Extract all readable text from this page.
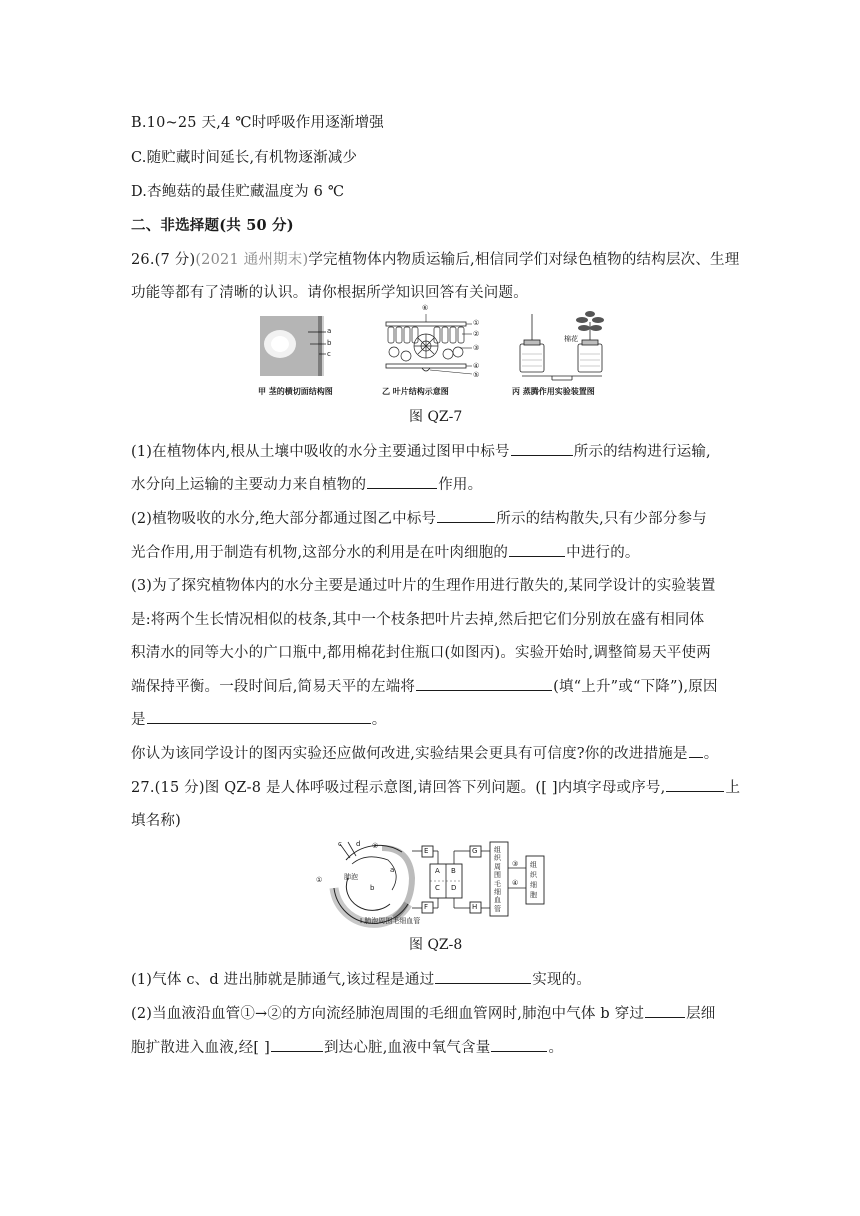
B.10~25 天,4 ℃时呼吸作用逐渐增强
C.随贮藏时间延长,有机物逐渐减少
D.杏鲍菇的最佳贮藏温度为 6 ℃
二、非选择题(共 50 分)
26.(7 分)(2021 通州期末)学完植物体内物质运输后,相信同学们对绿色植物的结构层次、生理
功能等都有了清晰的认识。请你根据所学知识回答有关问题。
a
b
c
甲 茎的横切面结构图
⑥
①
②
③
④
⑤
乙 叶片结构示意图
棉花
丙 蒸腾作用实验装置图
图 QZ-7
(1)在植物体内,根从土壤中吸收的水分主要通过图甲中标号	所示的结构进行运输,
水分向上运输的主要动力来自植物的	作用。
(2)植物吸收的水分,绝大部分都通过图乙中标号	所示的结构散失,只有少部分参与
光合作用,用于制造有机物,这部分水的利用是在叶肉细胞的	中进行的。
(3)为了探究植物体内的水分主要是通过叶片的生理作用进行散失的,某同学设计的实验装置
是:将两个生长情况相似的枝条,其中一个枝条把叶片去掉,然后把它们分别放在盛有相同体
积清水的同等大小的广口瓶中,都用棉花封住瓶口(如图丙)。实验开始时,调整简易天平使两
端保持平衡。一段时间后,简易天平的左端将	(填“上升”或“下降”),原因
是	。
你认为该同学设计的图丙实验还应做何改进,实验结果会更具有可信度?你的改进措施是 。
27.(15 分)图 QZ-8 是人体呼吸过程示意图,请回答下列问题。([ ]内填字母或序号,	上
填名称)
肺泡
Ⅰ 肺泡周围毛细血管
E
F
G
H
A B
C D
①
②
③
④
c d
a
b
组
织
周
围
毛
细
血
管
组
织
细
胞
图 QZ-8
(1)气体 c、d 进出肺就是肺通气,该过程是通过	实现的。
(2)当血液沿血管①→②的方向流经肺泡周围的毛细血管网时,肺泡中气体 b 穿过	层细
胞扩散进入血液,经[ ]	到达心脏,血液中氧气含量	。
